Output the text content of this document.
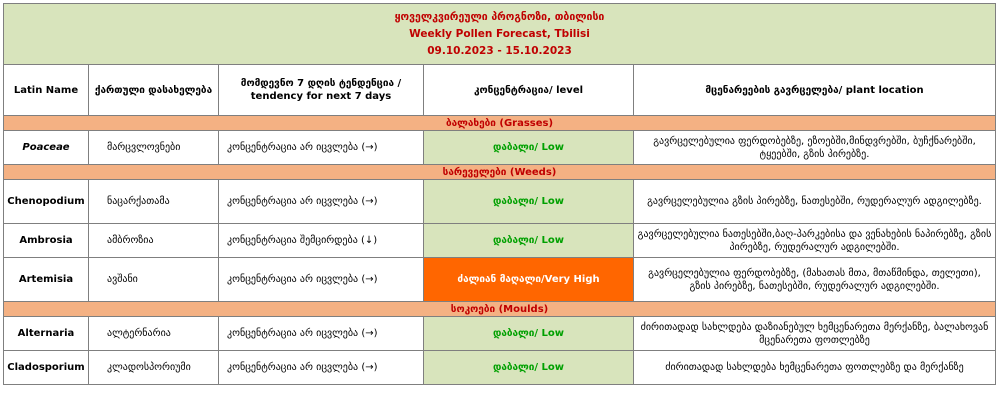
ყოველკვირეული პროგნოზი, თბილისი
Weekly Pollen Forecast, Tbilisi
09.10.2023 - 15.10.2023				

Latin Name	ქართული დასახელება	მომდევნო 7 დღის ტენდენცია / tendency for next 7 days	კონცენტრაცია/ level	მცენარეების გავრცელება/ plant location
ბალახები (Grasses)				
Poaceae	მარცვლოვნები	კონცენტრაცია არ იცვლება (→)	დაბალი/ Low	გავრცელებულია ფერდობებზე, ეზოებში,მინდვრებში, ბუჩქნარებში, ტყეებში, გზის პირებზე.
სარეველები (Weeds)				
Chenopodium	ნაცარქათამა	კონცენტრაცია არ იცვლება (→)	დაბალი/ Low	გავრცელებულია გზის პირებზე, ნათესებში, რუდერალურ ადგილებზე.
Ambrosia	ამბროზია	კონცენტრაცია შემცირდება (↓)	დაბალი/ Low	გავრცელებულია ნათესებში,ბაღ-პარკებისა და ვენახების ნაპირებზე, გზის პირებზე, რუდერალურ ადგილებში.
Artemisia	ავშანი	კონცენტრაცია არ იცვლება (→)	ძალიან მაღალი/Very High	გავრცელებულია ფერდობებზე, (მახათას მთა, მთაწმინდა, თელეთი), გზის პირებზე, ნათესებში, რუდერალურ ადგილებში.
სოკოები (Moulds)				
Alternaria	ალტერნარია	კონცენტრაცია არ იცვლება (→)	დაბალი/ Low	ძირითადად სახლდება დაზიანებულ ხემცენარეთა მერქანზე, ბალახოვან მცენარეთა ფოთლებზე
Cladosporium	კლადოსპორიუმი	კონცენტრაცია არ იცვლება (→)	დაბალი/ Low	ძირითადად სახლდება ხემცენარეთა ფოთლებზე და მერქანზე
